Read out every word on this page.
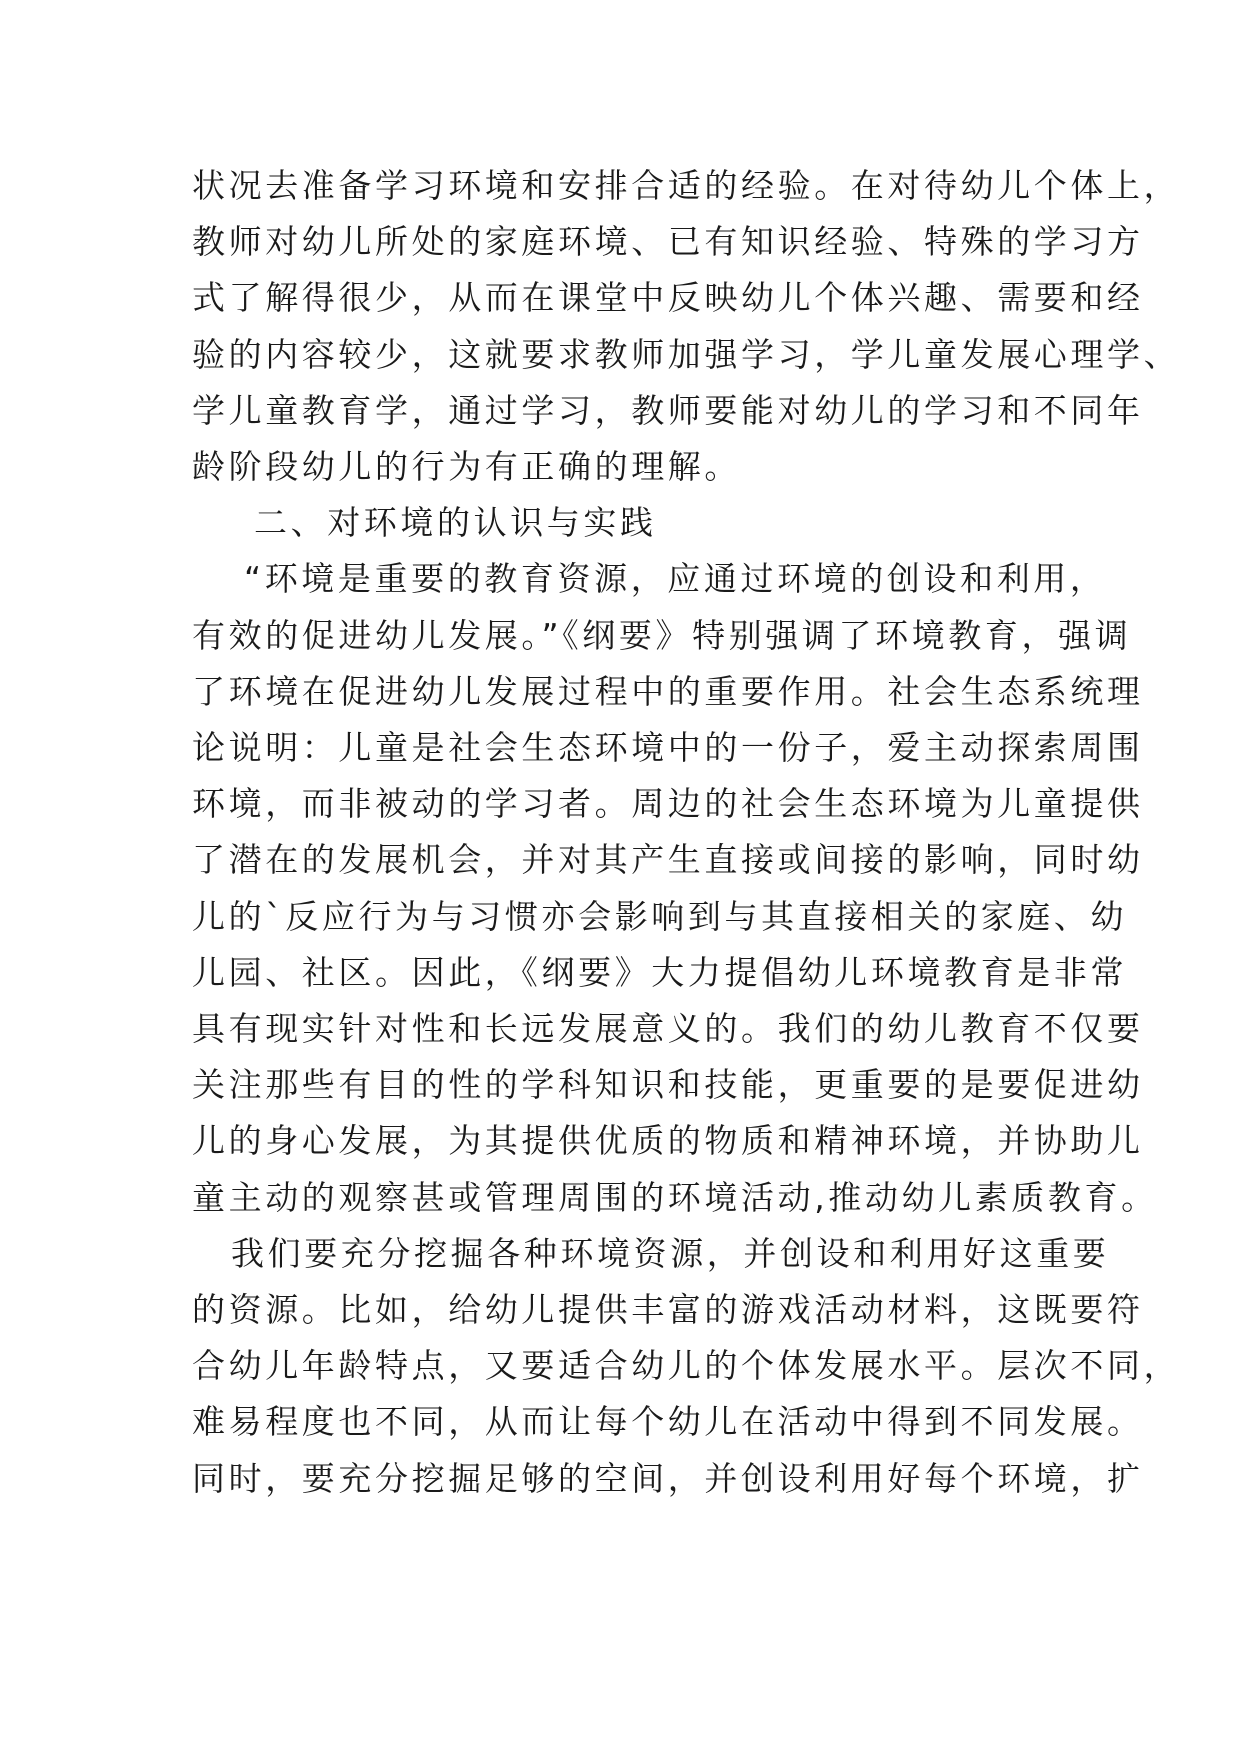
状况去准备学习环境和安排合适的经验。在对待幼儿个体上，
教师对幼儿所处的家庭环境、已有知识经验、特殊的学习方
式了解得很少，从而在课堂中反映幼儿个体兴趣、需要和经
验的内容较少，这就要求教师加强学习，学儿童发展心理学、
学儿童教育学，通过学习，教师要能对幼儿的学习和不同年
龄阶段幼儿的行为有正确的理解。
二、对环境的认识与实践
“环境是重要的教育资源，应通过环境的创设和利用，
有效的促进幼儿发展。”《纲要》特别强调了环境教育，强调
了环境在促进幼儿发展过程中的重要作用。社会生态系统理
论说明：儿童是社会生态环境中的一份子，爱主动探索周围
环境，而非被动的学习者。周边的社会生态环境为儿童提供
了潜在的发展机会，并对其产生直接或间接的影响，同时幼
儿的`反应行为与习惯亦会影响到与其直接相关的家庭、幼
儿园、社区。因此，《纲要》大力提倡幼儿环境教育是非常
具有现实针对性和长远发展意义的。我们的幼儿教育不仅要
关注那些有目的性的学科知识和技能，更重要的是要促进幼
儿的身心发展，为其提供优质的物质和精神环境，并协助儿
童主动的观察甚或管理周围的环境活动,推动幼儿素质教育。
我们要充分挖掘各种环境资源，并创设和利用好这重要
的资源。比如，给幼儿提供丰富的游戏活动材料，这既要符
合幼儿年龄特点，又要适合幼儿的个体发展水平。层次不同，
难易程度也不同，从而让每个幼儿在活动中得到不同发展。
同时，要充分挖掘足够的空间，并创设利用好每个环境，扩
